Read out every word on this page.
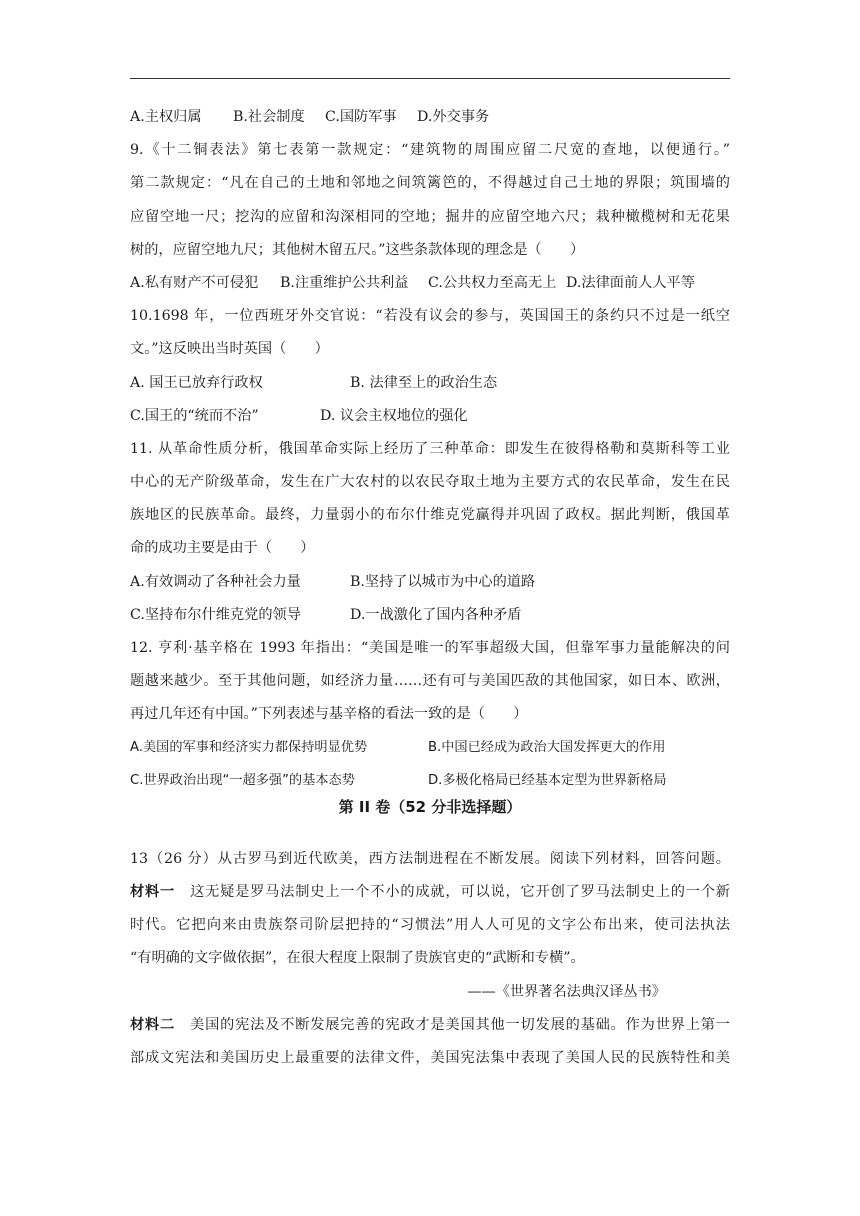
A.主权归属 B.社会制度 C.国防军事 D.外交事务
9.《十二铜表法》第七表第一款规定：“建筑物的周围应留二尺宽的查地，以便通行。”
第二款规定：“凡在自己的土地和邻地之间筑篱笆的，不得越过自己土地的界限；筑围墙的
应留空地一尺；挖沟的应留和沟深相同的空地；掘井的应留空地六尺；栽种橄榄树和无花果
树的，应留空地九尺；其他树木留五尺。”这些条款体现的理念是（　　）
A.私有财产不可侵犯 B.注重维护公共利益 C.公共权力至高无上 D.法律面前人人平等
10.1698 年，一位西班牙外交官说：“若没有议会的参与，英国国王的条约只不过是一纸空
文。”这反映出当时英国（　　）
A. 国王已放弃行政权	B. 法律至上的政治生态
C.国王的“统而不治”	D. 议会主权地位的强化
11. 从革命性质分析，俄国革命实际上经历了三种革命：即发生在彼得格勒和莫斯科等工业
中心的无产阶级革命，发生在广大农村的以农民夺取土地为主要方式的农民革命，发生在民
族地区的民族革命。最终，力量弱小的布尔什维克党赢得并巩固了政权。据此判断，俄国革
命的成功主要是由于（　　）
A.有效调动了各种社会力量	B.坚持了以城市为中心的道路
C.坚持布尔什维克党的领导	D.一战激化了国内各种矛盾
12. 亨利·基辛格在 1993 年指出：“美国是唯一的军事超级大国，但靠军事力量能解决的问
题越来越少。至于其他问题，如经济力量……还有可与美国匹敌的其他国家，如日本、欧洲，
再过几年还有中国。”下列表述与基辛格的看法一致的是（　　）
A.美国的军事和经济实力都保持明显优势	B.中国已经成为政治大国发挥更大的作用
C.世界政治出现“一超多强”的基本态势	D.多极化格局已经基本定型为世界新格局
第 II 卷（52 分非选择题）
13（26 分）从古罗马到近代欧美，西方法制进程在不断发展。阅读下列材料，回答问题。
材料一　这无疑是罗马法制史上一个不小的成就，可以说，它开创了罗马法制史上的一个新
时代。它把向来由贵族祭司阶层把持的“习惯法”用人人可见的文字公布出来，使司法执法
“有明确的文字做依据”，在很大程度上限制了贵族官吏的“武断和专横”。
——《世界著名法典汉译丛书》
材料二　美国的宪法及不断发展完善的宪政才是美国其他一切发展的基础。作为世界上第一
部成文宪法和美国历史上最重要的法律文件，美国宪法集中表现了美国人民的民族特性和美
